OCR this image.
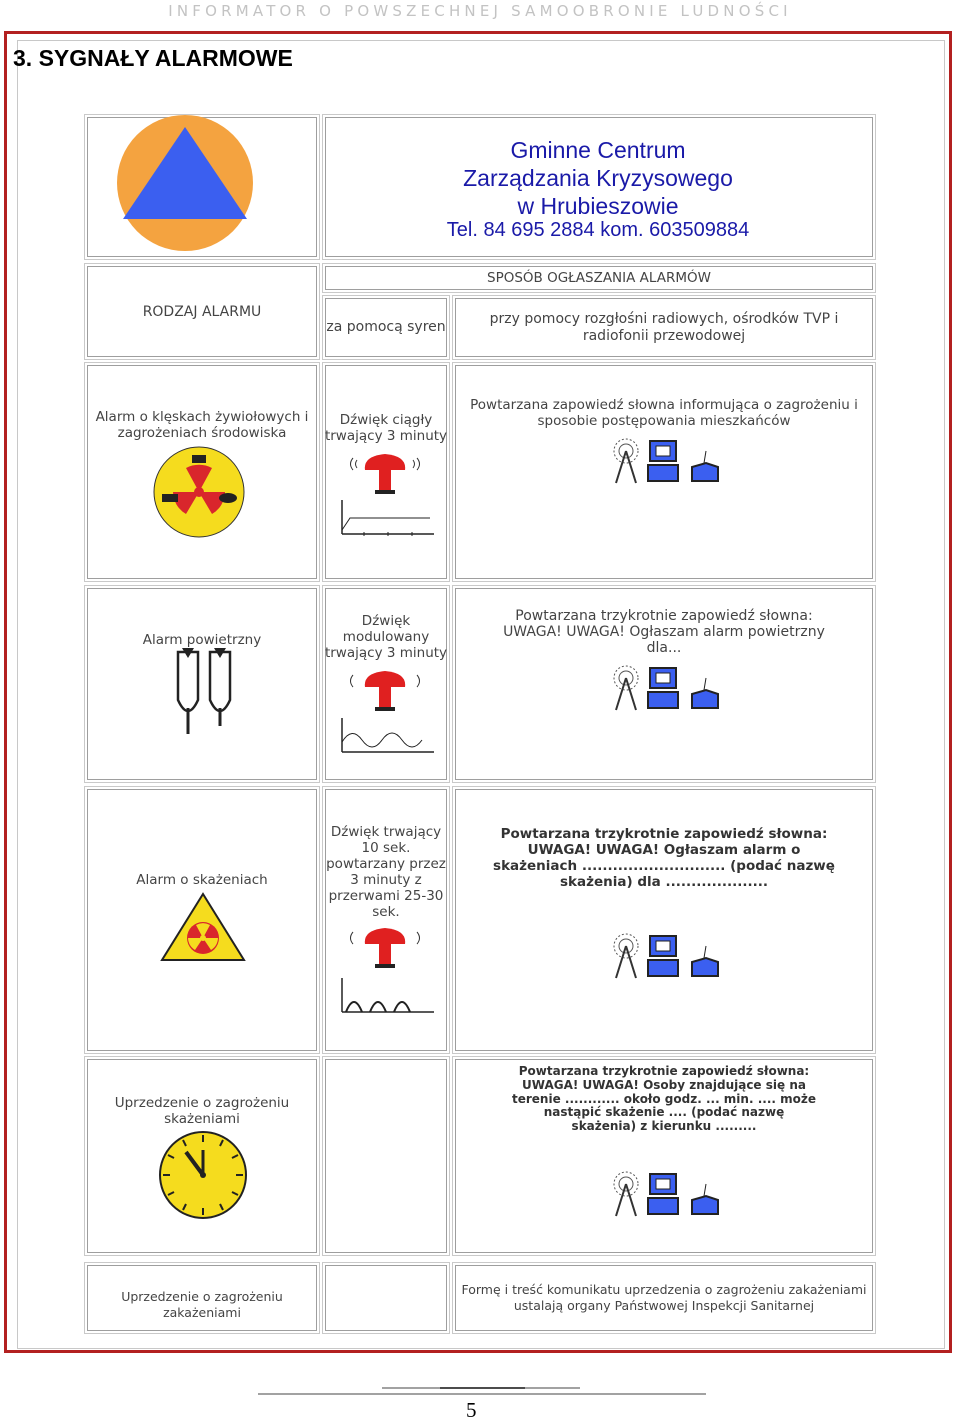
INFORMATOR O POWSZECHNEJ SAMOOBRONIE LUDNOŚCI
3. SYGNAŁY ALARMOWE
Gminne Centrum
Zarządzania Kryzysowego
w Hrubieszowie
Tel. 84 695 2884 kom. 603509884
RODZAJ ALARMU
SPOSÓB OGŁASZANIA ALARMÓW
za pomocą syren	przy pomocy rozgłośni radiowych, ośrodków TVP i radiofonii przewodowej
Alarm o klęskach żywiołowych i zagrożeniach środowiska
Dźwięk ciągły trwający 3 minuty
Powtarzana zapowiedź słowna informująca o zagrożeniu i sposobie postępowania mieszkańców
Alarm powietrzny
Dźwięk modulowany trwający 3 minuty
Powtarzana trzykrotnie zapowiedź słowna: UWAGA! UWAGA! Ogłaszam alarm powietrzny dla...
Alarm o skażeniach
Dźwięk trwający 10 sek. powtarzany przez 3 minuty z przerwami 25-30 sek.
Powtarzana trzykrotnie zapowiedź słowna: UWAGA! UWAGA! Ogłaszam alarm o skażeniach ............................ (podać nazwę skażenia) dla ....................
Uprzedzenie o zagrożeniu skażeniami
Powtarzana trzykrotnie zapowiedź słowna: UWAGA! UWAGA! Osoby znajdujące się na terenie ............ około godz. ... min. .... może nastąpić skażenie .... (podać nazwę skażenia) z kierunku .........
Uprzedzenie o zagrożeniu zakażeniami
Formę i treść komunikatu uprzedzenia o zagrożeniu zakażeniami ustalają organy Państwowej Inspekcji Sanitarnej
5
